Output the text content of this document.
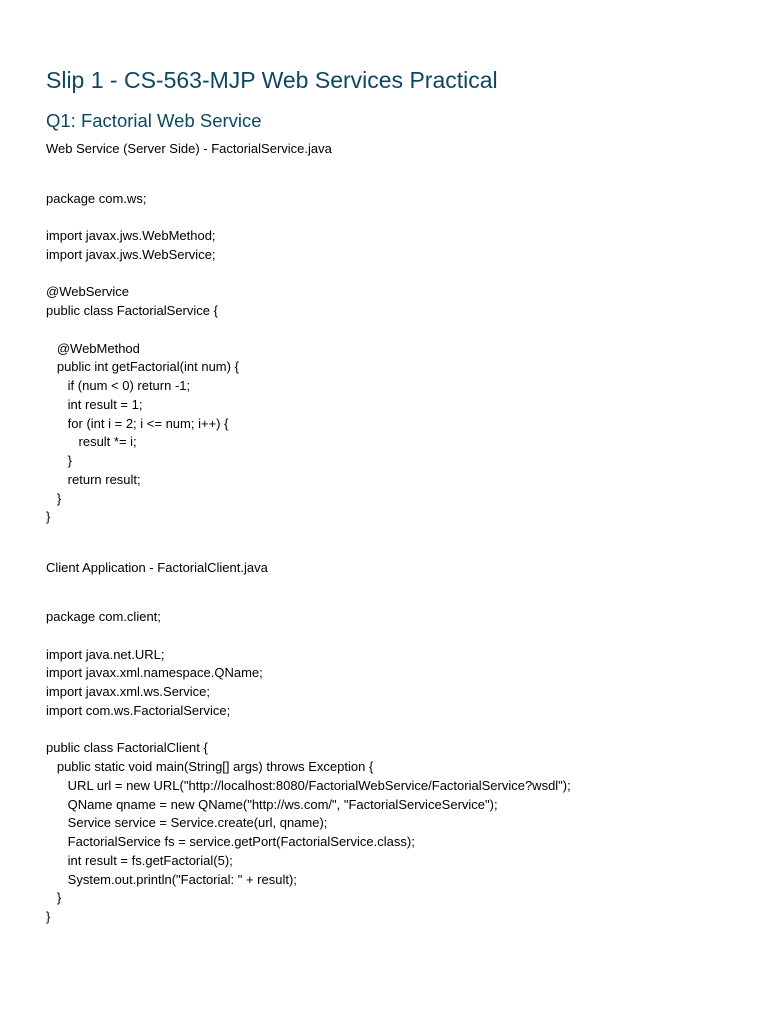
Slip 1 - CS-563-MJP Web Services Practical
Q1: Factorial Web Service

Web Service (Server Side) - FactorialService.java

package com.ws;
import javax.jws.WebMethod;
import javax.jws.WebService;
@WebService
public class FactorialService {
@WebMethod
public int getFactorial(int num) {
if (num < 0) return -1;
int result = 1;
for (int i = 2; i <= num; i++) {
result *= i;
}
return result;
}
}

Client Application - FactorialClient.java

package com.client;
import java.net.URL;
import javax.xml.namespace.QName;
import javax.xml.ws.Service;
import com.ws.FactorialService;
public class FactorialClient {
public static void main(String[] args) throws Exception {
URL url = new URL("http://localhost:8080/FactorialWebService/FactorialService?wsdl");
QName qname = new QName("http://ws.com/", "FactorialServiceService");
Service service = Service.create(url, qname);
FactorialService fs = service.getPort(FactorialService.class);
int result = fs.getFactorial(5);
System.out.println("Factorial: " + result);
}
}
